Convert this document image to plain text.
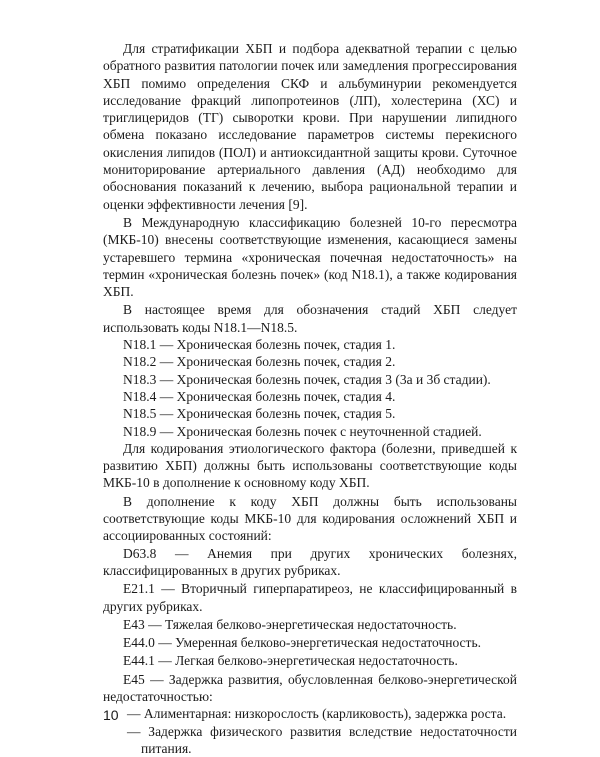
Для стратификации ХБП и подбора адекватной терапии с целью обратного развития патологии почек или замедления прогрессирования ХБП помимо определения СКФ и альбуминурии рекомендуется исследование фракций липопротеинов (ЛП), холестерина (ХС) и триглицеридов (ТГ) сыворотки крови. При нарушении липидного обмена показано исследование параметров системы перекисного окисления липидов (ПОЛ) и антиоксидантной защиты крови. Суточное мониторирование артериального давления (АД) необходимо для обоснования показаний к лечению, выбора рациональной терапии и оценки эффективности лечения [9].

В Международную классификацию болезней 10-го пересмотра (МКБ-10) внесены соответствующие изменения, касающиеся замены устаревшего термина «хроническая почечная недостаточность» на термин «хроническая болезнь почек» (код N18.1), а также кодирования ХБП.

В настоящее время для обозначения стадий ХБП следует использовать коды N18.1—N18.5.

N18.1 — Хроническая болезнь почек, стадия 1.

N18.2 — Хроническая болезнь почек, стадия 2.

N18.3 — Хроническая болезнь почек, стадия 3 (3а и 3б стадии).

N18.4 — Хроническая болезнь почек, стадия 4.

N18.5 — Хроническая болезнь почек, стадия 5.

N18.9 — Хроническая болезнь почек с неуточненной стадией.

Для кодирования этиологического фактора (болезни, приведшей к развитию ХБП) должны быть использованы соответствующие коды МКБ-10 в дополнение к основному коду ХБП.

В дополнение к коду ХБП должны быть использованы соответствующие коды МКБ-10 для кодирования осложнений ХБП и ассоциированных состояний:

D63.8 — Анемия при других хронических болезнях, классифицированных в других рубриках.

E21.1 — Вторичный гиперпаратиреоз, не классифицированный в других рубриках.

E43 — Тяжелая белково-энергетическая недостаточность.

E44.0 — Умеренная белково-энергетическая недостаточность.

E44.1 — Легкая белково-энергетическая недостаточность.

E45 — Задержка развития, обусловленная белково-энергетической недостаточностью:

— Алиментарная: низкорослость (карликовость), задержка роста.

— Задержка физического развития вследствие недостаточности питания.

10
